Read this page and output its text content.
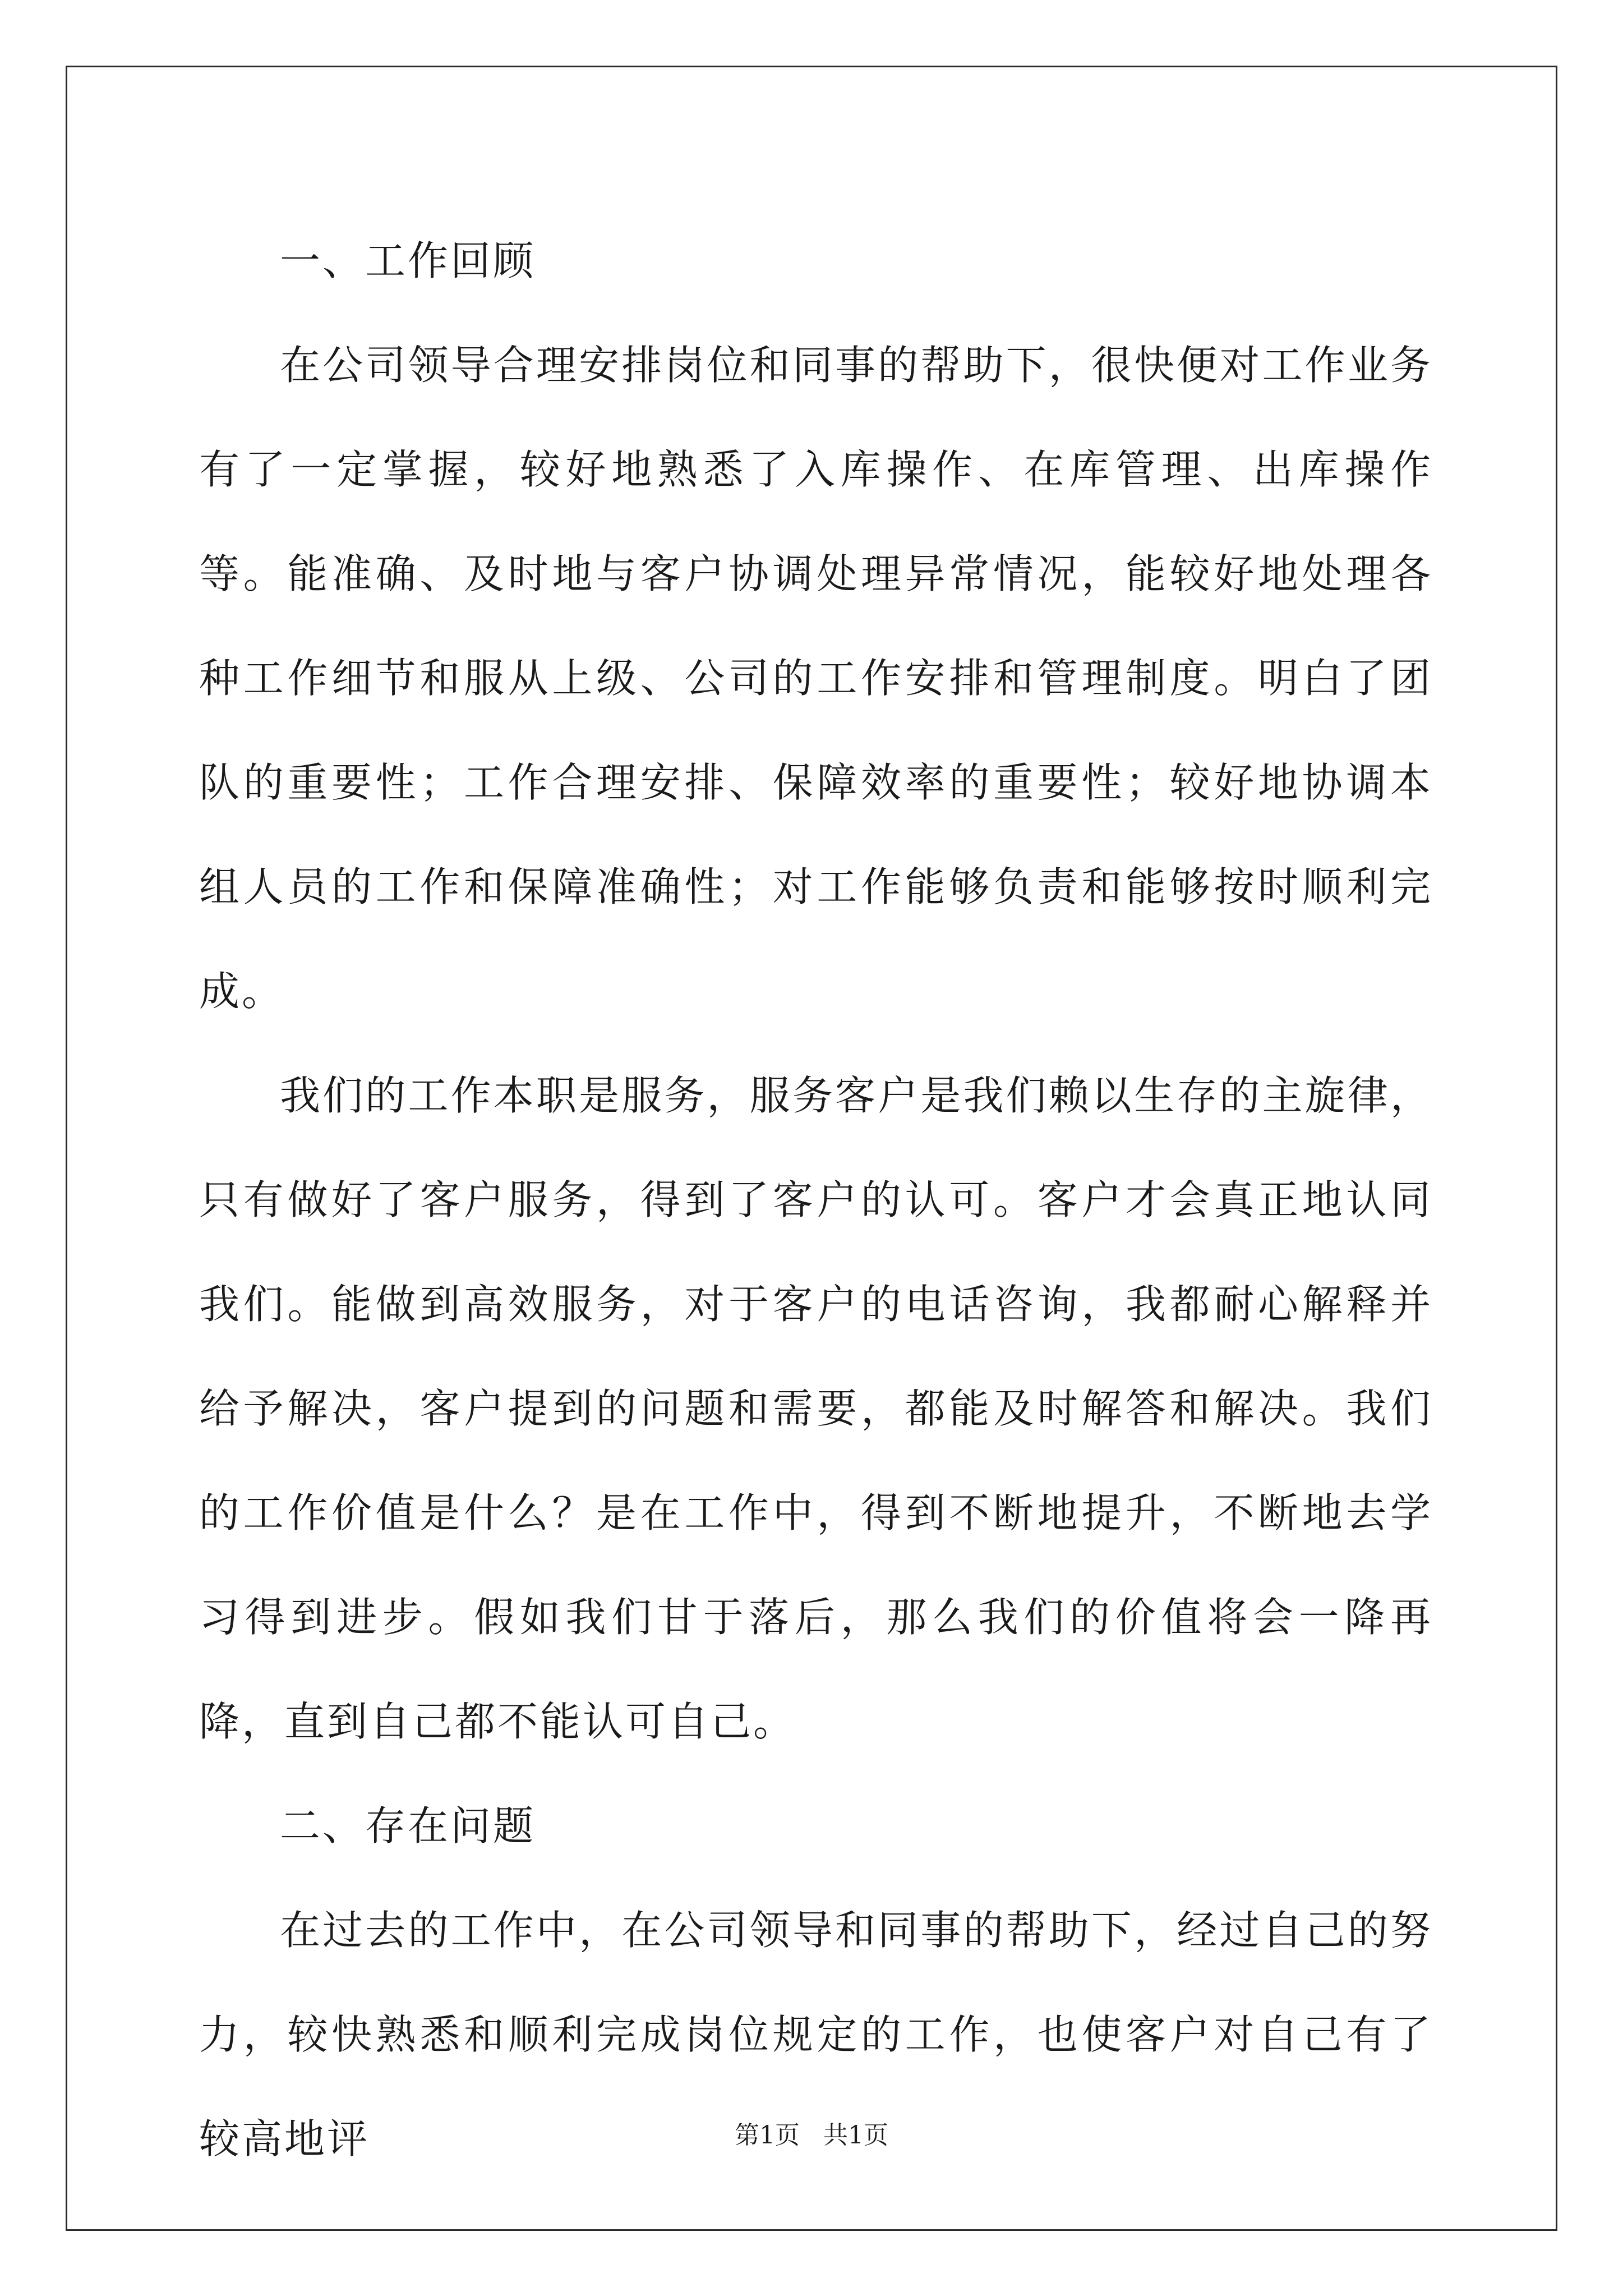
一、工作回顾

在公司领导合理安排岗位和同事的帮助下，很快便对工作业务有了一定掌握，较好地熟悉了入库操作、在库管理、出库操作等。能准确、及时地与客户协调处理异常情况，能较好地处理各种工作细节和服从上级、公司的工作安排和管理制度。明白了团队的重要性；工作合理安排、保障效率的重要性；较好地协调本组人员的工作和保障准确性；对工作能够负责和能够按时顺利完成。

我们的工作本职是服务，服务客户是我们赖以生存的主旋律，只有做好了客户服务，得到了客户的认可。客户才会真正地认同我们。能做到高效服务，对于客户的电话咨询，我都耐心解释并给予解决，客户提到的问题和需要，都能及时解答和解决。我们的工作价值是什么？是在工作中，得到不断地提升，不断地去学习得到进步。假如我们甘于落后，那么我们的价值将会一降再降，直到自己都不能认可自己。

二、存在问题

在过去的工作中，在公司领导和同事的帮助下，经过自己的努力，较快熟悉和顺利完成岗位规定的工作，也使客户对自己有了较高地评	第1页   共1页
